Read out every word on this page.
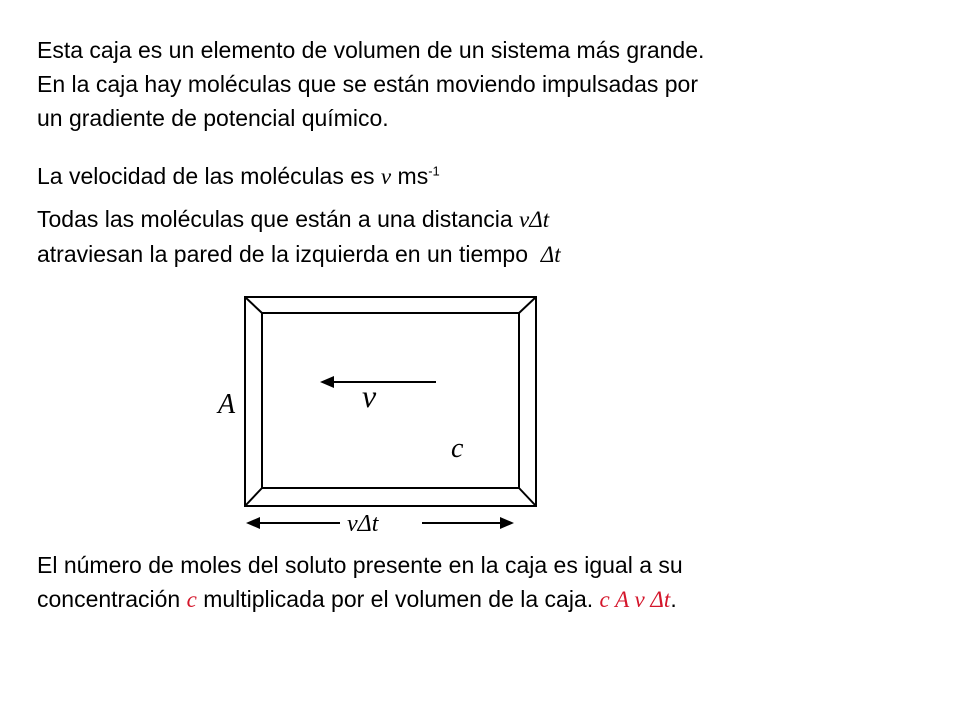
Esta caja es un elemento de volumen de un sistema más grande.
En la caja hay moléculas que se están moviendo impulsadas por
un gradiente de potencial químico.
La velocidad de las moléculas es v $ms^{-1}$
Todas las moléculas que están a una distancia vΔt
atraviesan la pared de la izquierda en un tiempo  Δt
A	v
c
vΔt
El número de moles del soluto presente en la caja es igual a su
concentración c multiplicada por el volumen de la caja. c A v Δt.
